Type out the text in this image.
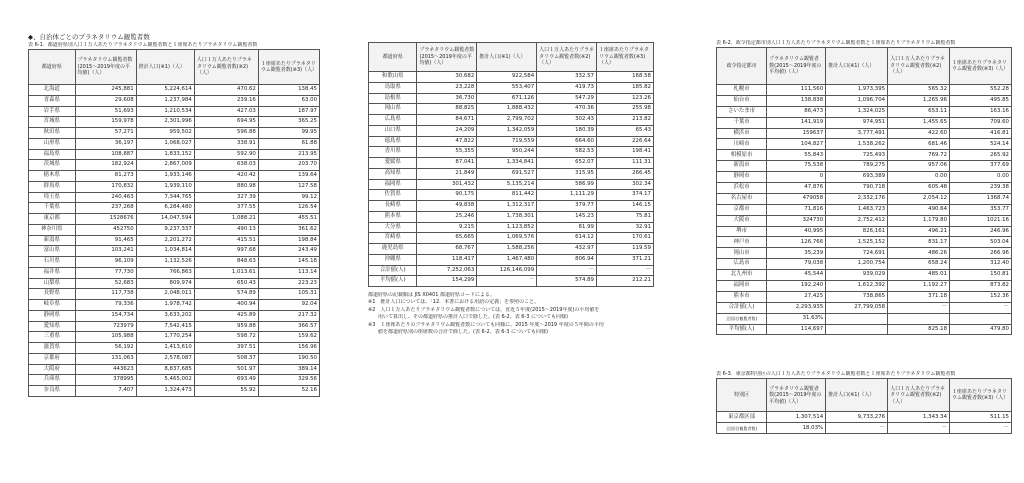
◆、自治体ごとのプラネタリウム観覧者数
表 6-1．都道府県別人口１万人あたりプラネタリウム観覧者数と１座席あたりプラネタリウム観覧者数
都道府県	プラネタリウム観覧者数(2015～2019年度の平均値)（人）	推計人口(※1)（人）	人口１万人あたりプラネタリウム観覧者数(※2)（人）	１座席あたりプラネタリウム観覧者数(※3)（人）
北海道	245,881	5,224,614	470.62	138.45
青森県	29,608	1,237,984	239.16	63.00
岩手県	51,693	1,210,534	427.03	187.97
宮城県	159,978	2,301,996	694.95	365.25
秋田県	57,271	959,502	596.88	99.95
山形県	36,197	1,068,027	338.91	61.88
福島県	108,887	1,833,152	592.90	213.95
茨城県	182,924	2,867,009	638.03	203.70
栃木県	81,273	1,933,146	420.42	139.64
群馬県	170,832	1,939,110	880.98	127.58
埼玉県	240,463	7,344,765	327.39	99.12
千葉県	237,268	6,284,480	377.55	126.54
東京都	1528676	14,047,594	1,088.21	455.51
神奈川県	452750	9,237,337	490.13	361.62
新潟県	91,465	2,201,272	415.51	198.84
富山県	103,241	1,034,814	997.68	243.49
石川県	96,109	1,132,526	848.63	145.18
福井県	77,730	766,863	1,013.61	113.14
山梨県	52,683	809,974	650.43	223.23
長野県	117,738	2,048,011	574.89	105.31
岐阜県	79,336	1,978,742	400.94	92.04
静岡県	154,734	3,633,202	425.89	217.32
愛知県	723979	7,542,415	959.88	366.57
三重県	105,988	1,770,254	598.72	159.62
滋賀県	56,192	1,413,610	397.51	156.96
京都府	131,063	2,578,087	508.37	190.50
大阪府	443623	8,837,685	501.97	389.14
兵庫県	378995	5,465,002	693.49	329.56
奈良県	7,407	1,324,473	55.92	52.16
都道府県	プラネタリウム観覧者数(2015～2019年度の平均値)（人）	推計人口(※1)（人）	人口１万人あたりプラネタリウム観覧者数(※2)（人）	１座席あたりプラネタリウム観覧者数(※3)（人）
和歌山県	30,682	922,584	332.57	168.58
鳥取県	23,228	553,407	419.73	185.82
島根県	36,730	671,126	547.29	123.26
岡山県	88,825	1,888,432	470.36	255.98
広島県	84,671	2,799,702	302.43	213.82
山口県	24,209	1,342,059	180.39	65.43
徳島県	47,822	719,559	664.60	226.64
香川県	55,355	950,244	582.53	198.41
愛媛県	87,041	1,334,841	652.07	111.31
高知県	21,849	691,527	315.95	266.45
福岡県	301,432	5,135,214	586.99	302.34
佐賀県	90,175	811,442	1,111.29	374.17
長崎県	49,838	1,312,317	379.77	146.15
熊本県	25,246	1,738,301	145.23	75.81
大分県	9,215	1,123,852	81.99	32.91
宮崎県	65,665	1,069,576	614.12	170.61
鹿児島県	68,767	1,588,256	432.97	119.59
沖縄県	118,417	1,467,480	806.94	371.21
合計値(人)	7,252,063	126,146,099	－	－
平均値(人)	154,299	－	574.89	212.21
都道府県の記載順は JIS X0401 都道府県コードによる。
※1　推計人口については、「12．本書における用語の定義」を参照のこと。
※2　人口１万人あたりプラネタリウム観覧者数については、直近５年度(2015～2019年度)の平均値を
　　用いて算出し、その都道府県の推計人口で除した。(表 6-2、表 6-3 についても同様)
※3　１座席あたりのプラネタリウム観覧者数についても同様に、2015 年度～2019 年度の５年間の平均
　　値を都道府県別の座席数の合計で除した。(表 6-2、表 6-3 についても同様)
表 6-2．政令指定都市別人口１万人あたりプラネタリウム観覧者数と１座席あたりプラネタリウム観覧者数
政令指定都市	プラネタリウム観覧者数(2015～2019年度の平均値)（人）	推計人口(※1)（人）	人口１万人あたりプラネタリウム観覧者数(※2)（人）	１座席あたりプラネタリウム観覧者数(※3)（人）
札幌市	111,560	1,973,395	565.32	552.28
仙台市	138,838	1,096,704	1,265.96	495.85
さいたま市	86,473	1,324,025	653.11	163.16
千葉市	141,919	974,951	1,455.65	709.60
横浜市	159637	3,777,491	422.60	416.81
川崎市	104,827	1,538,262	681.46	524.14
相模原市	55,843	725,493	769.72	265.92
新潟市	75,538	789,275	957.06	377.69
静岡市	0	693,389	0.00	0.00
浜松市	47,876	790,718	605.48	239.38
名古屋市	479058	2,332,176	2,054.12	1368.74
京都市	71,816	1,463,723	490.64	353.77
大阪市	324730	2,752,412	1,179.80	1021.16
堺市	40,995	826,161	496.21	246.96
神戸市	126,766	1,525,152	831.17	503.04
岡山市	35,239	724,691	486.26	266.96
広島市	79,038	1,200,754	658.24	312.40
北九州市	45,544	939,029	485.01	150.81
福岡市	192,240	1,612,392	1,192.27	873.82
熊本市	27,425	738,865	371.18	152.36
合計値(人)	2,293,935	27,799,058	－	－
全国比(観覧者数)	31.63%			
平均値(人)	114,697		825.18	479.80
表 6-3．東京都特別区の人口１万人あたりプラネタリウム観覧者数と１座席あたりプラネタリウム観覧者数
特別区	プラネタリウム観覧者数(2015～2019年度の平均値)（人）	推計人口(※1)（人）	人口１万人あたりプラネタリウム観覧者数(※2)（人）	１座席あたりプラネタリウム観覧者数(※3)（人）
東京都区部	1,307,514	9,733,276	1,343.34	511.15
全国比(観覧者数)	18.03%	－	－	－
